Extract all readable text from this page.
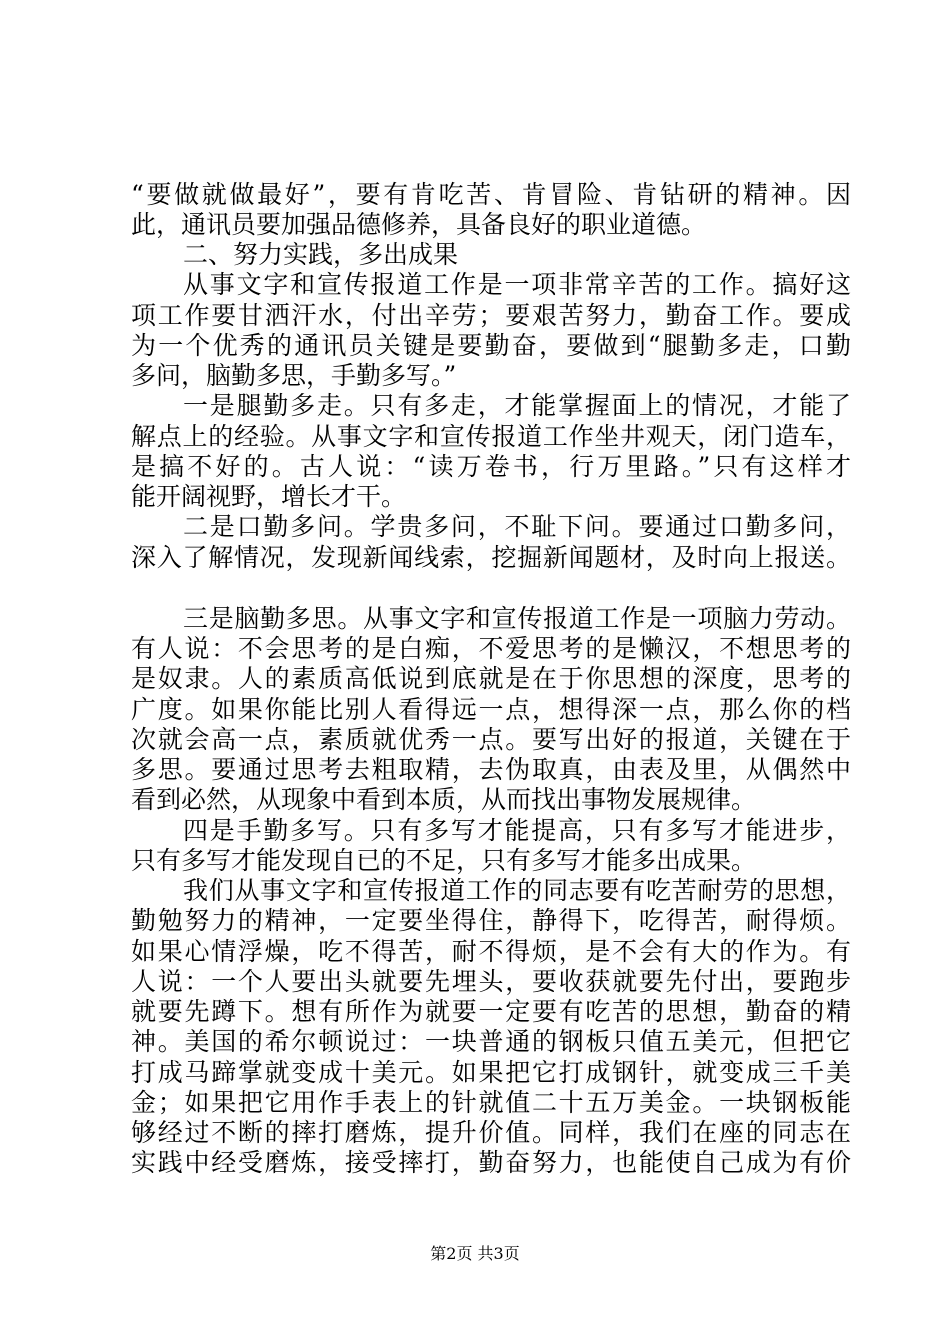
“要做就做最好”，要有肯吃苦、肯冒险、肯钻研的精神。因
此，通讯员要加强品德修养，具备良好的职业道德。
二、努力实践，多出成果
从事文字和宣传报道工作是一项非常辛苦的工作。搞好这
项工作要甘洒汗水，付出辛劳；要艰苦努力，勤奋工作。要成
为一个优秀的通讯员关键是要勤奋，要做到“腿勤多走，口勤
多问，脑勤多思，手勤多写。”
一是腿勤多走。只有多走，才能掌握面上的情况，才能了
解点上的经验。从事文字和宣传报道工作坐井观天，闭门造车，
是搞不好的。古人说：“读万卷书，行万里路。”只有这样才
能开阔视野，增长才干。
二是口勤多问。学贵多问，不耻下问。要通过口勤多问，
深入了解情况，发现新闻线索，挖掘新闻题材，及时向上报送。
三是脑勤多思。从事文字和宣传报道工作是一项脑力劳动。
有人说：不会思考的是白痴，不爱思考的是懒汉，不想思考的
是奴隶。人的素质高低说到底就是在于你思想的深度，思考的
广度。如果你能比别人看得远一点，想得深一点，那么你的档
次就会高一点，素质就优秀一点。要写出好的报道，关键在于
多思。要通过思考去粗取精，去伪取真，由表及里，从偶然中
看到必然，从现象中看到本质，从而找出事物发展规律。
四是手勤多写。只有多写才能提高，只有多写才能进步，
只有多写才能发现自已的不足，只有多写才能多出成果。
我们从事文字和宣传报道工作的同志要有吃苦耐劳的思想，
勤勉努力的精神，一定要坐得住，静得下，吃得苦，耐得烦。
如果心情浮燥，吃不得苦，耐不得烦，是不会有大的作为。有
人说：一个人要出头就要先埋头，要收获就要先付出，要跑步
就要先蹲下。想有所作为就要一定要有吃苦的思想，勤奋的精
神。美国的希尔顿说过：一块普通的钢板只值五美元，但把它
打成马蹄掌就变成十美元。如果把它打成钢针，就变成三千美
金；如果把它用作手表上的针就值二十五万美金。一块钢板能
够经过不断的摔打磨炼，提升价值。同样，我们在座的同志在
实践中经受磨炼，接受摔打，勤奋努力，也能使自己成为有价
第2页 共3页
